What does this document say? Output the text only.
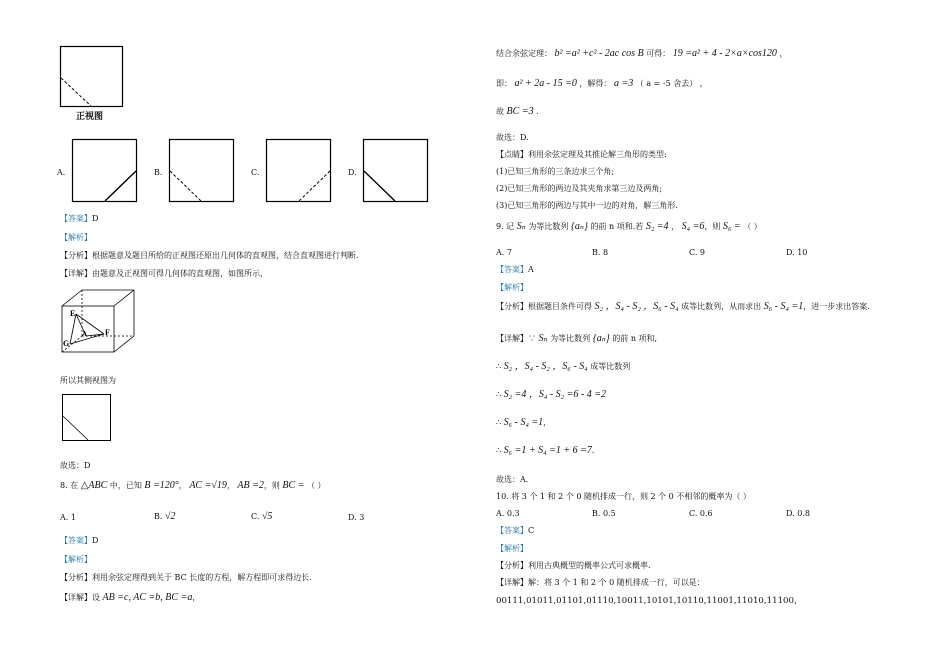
正视图
A.	B.	C.	D.
【答案】D
【解析】
【分析】根据题意及题目所给的正视图还原出几何体的直观图，结合直观图进行判断.
【详解】由题意及正视图可得几何体的直观图，如图所示，
E
F
A
G
所以其侧视图为
故选：D
8. 在 △ABC 中，已知 B =120°， AC =√19， AB =2，则 BC = （ ）
A. 1	B. √2	C. √5	D. 3
【答案】D
【解析】
【分析】利用余弦定理得到关于 BC 长度的方程，解方程即可求得边长.
【详解】设 AB =c, AC =b, BC =a，
结合余弦定理： b² =a² +c² - 2ac cos B 可得： 19 =a² + 4 - 2×a×cos120 ，
即： a² + 2a - 15 =0 ，解得： a =3 （ a = -5 舍去） ，
故 BC =3 .
故选：D.
【点睛】利用余弦定理及其推论解三角形的类型:
(1)已知三角形的三条边求三个角;
(2)已知三角形的两边及其夹角求第三边及两角;
(3)已知三角形的两边与其中一边的对角，解三角形.
9. 记 Sₙ 为等比数列 {aₙ} 的前 n 项和.若 S₂ =4 ， S₄ =6，则 S₆ = （ ）
A. 7	B. 8	C. 9	D. 10
【答案】A
【解析】
【分析】根据题目条件可得 S₂ ，S₄ - S₂ ，S₆ - S₄ 成等比数列，从而求出 S₆ - S₄ =1，进一步求出答案.
【详解】∵ Sₙ 为等比数列 {aₙ} 的前 n 项和,
∴ S₂ ，S₄ - S₂ ，S₆ - S₄ 成等比数列
∴ S₂ =4 ，S₄ - S₂ =6 - 4 =2
∴ S₆ - S₄ =1，
∴ S₆ =1 + S₄ =1 + 6 =7.
故选：A.
10. 将 3 个 1 和 2 个 0 随机排成一行，则 2 个 0 不相邻的概率为（ ）
A. 0.3	B. 0.5	C. 0.6	D. 0.8
【答案】C
【解析】
【分析】利用古典概型的概率公式可求概率.
【详解】解：将 3 个 1 和 2 个 0 随机排成一行，可以是：
00111,01011,01101,01110,10011,10101,10110,11001,11010,11100，
